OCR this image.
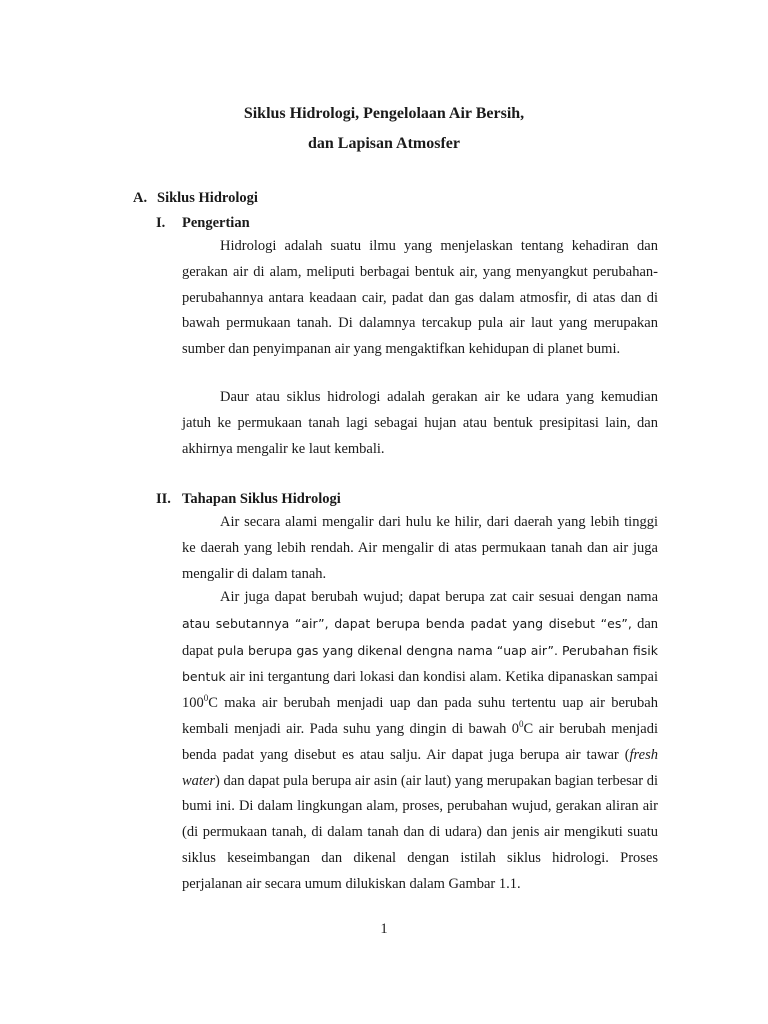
Siklus Hidrologi, Pengelolaan Air Bersih,
dan Lapisan Atmosfer
A. Siklus Hidrologi
I. Pengertian

Hidrologi adalah suatu ilmu yang menjelaskan tentang kehadiran dan gerakan air di alam, meliputi berbagai bentuk air, yang menyangkut perubahan-perubahannya antara keadaan cair, padat dan gas dalam atmosfir, di atas dan di bawah permukaan tanah. Di dalamnya tercakup pula air laut yang merupakan sumber dan penyimpanan air yang mengaktifkan kehidupan di planet bumi.

Daur atau siklus hidrologi adalah gerakan air ke udara yang kemudian jatuh ke permukaan tanah lagi sebagai hujan atau bentuk presipitasi lain, dan akhirnya mengalir ke laut kembali.

II. Tahapan Siklus Hidrologi

Air secara alami mengalir dari hulu ke hilir, dari daerah yang lebih tinggi ke daerah yang lebih rendah. Air mengalir di atas permukaan tanah dan air juga mengalir di dalam tanah.

Air juga dapat berubah wujud; dapat berupa zat cair sesuai dengan nama atau sebutannya “air”, dapat berupa benda padat yang disebut “es”, dan dapat pula berupa gas yang dikenal dengna nama “uap air”. Perubahan fisik bentuk air ini tergantung dari lokasi dan kondisi alam. Ketika dipanaskan sampai $100^0C$ maka air berubah menjadi uap dan pada suhu tertentu uap air berubah kembali menjadi air. Pada suhu yang dingin di bawah $0^0C$ air berubah menjadi benda padat yang disebut es atau salju. Air dapat juga berupa air tawar (fresh water) dan dapat pula berupa air asin (air laut) yang merupakan bagian terbesar di bumi ini. Di dalam lingkungan alam, proses, perubahan wujud, gerakan aliran air (di permukaan tanah, di dalam tanah dan di udara) dan jenis air mengikuti suatu siklus keseimbangan dan dikenal dengan istilah siklus hidrologi. Proses perjalanan air secara umum dilukiskan dalam Gambar 1.1.

1
